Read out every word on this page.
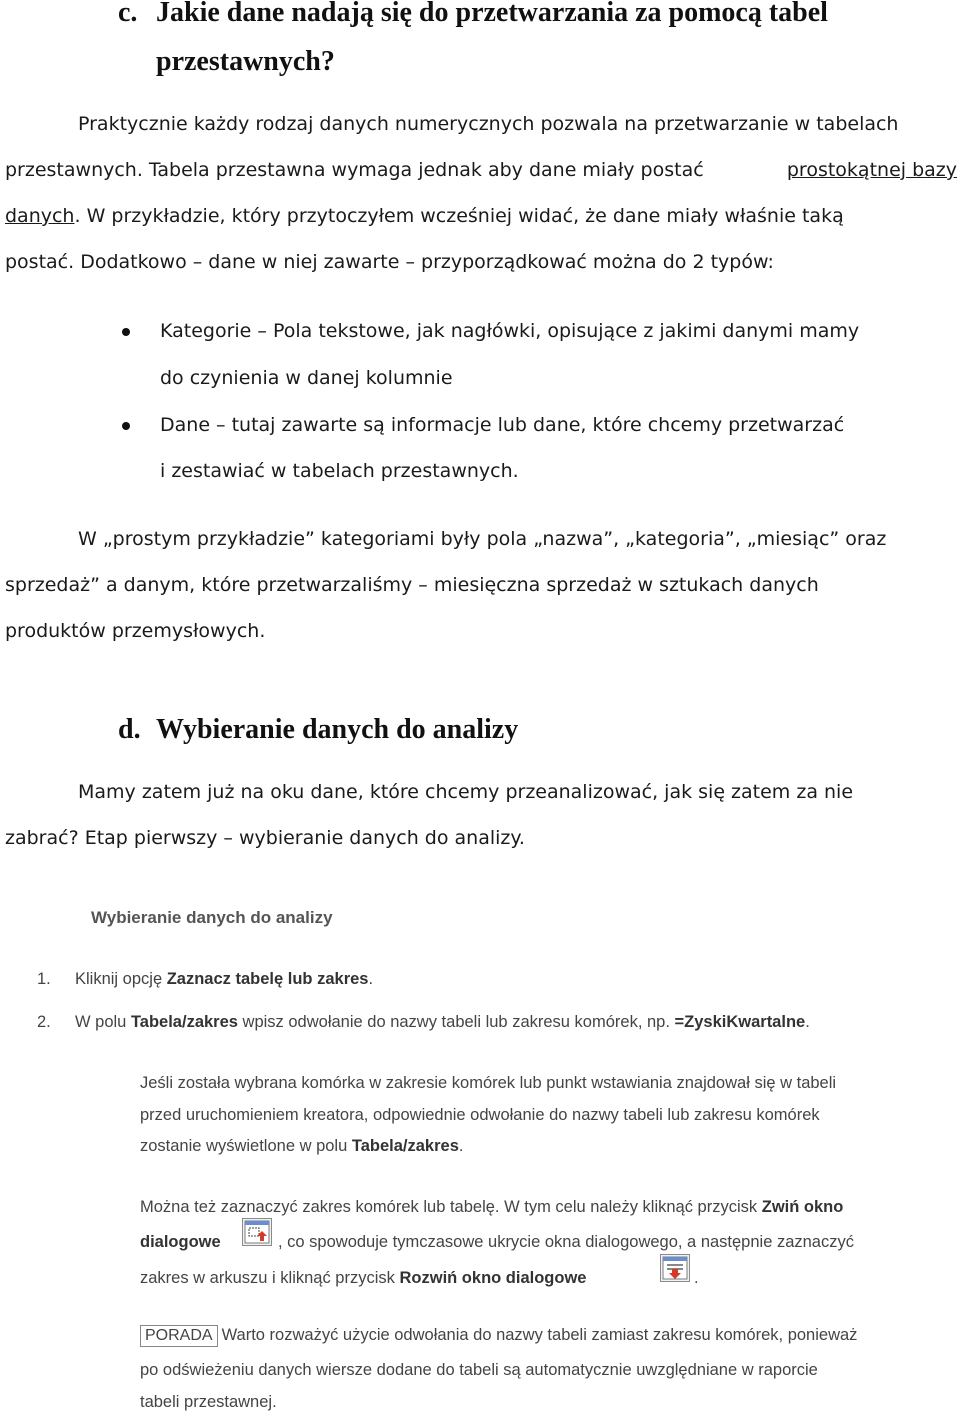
c. Jakie dane nadają się do przetwarzania za pomocą tabel
przestawnych?
Praktycznie każdy rodzaj danych numerycznych pozwala na przetwarzanie w tabelach
przestawnych. Tabela przestawna wymaga jednak aby dane miały postać	prostokątnej bazy
danych. W przykładzie, który przytoczyłem wcześniej widać, że dane miały właśnie taką
postać. Dodatkowo – dane w niej zawarte – przyporządkować można do 2 typów:
Kategorie – Pola tekstowe, jak nagłówki, opisujące z jakimi danymi mamy
do czynienia w danej kolumnie
Dane – tutaj zawarte są informacje lub dane, które chcemy przetwarzać
i zestawiać w tabelach przestawnych.
W „prostym przykładzie” kategoriami były pola „nazwa”, „kategoria”, „miesiąc” oraz
sprzedaż” a danym, które przetwarzaliśmy – miesięczna sprzedaż w sztukach danych
produktów przemysłowych.
d. Wybieranie danych do analizy
Mamy zatem już na oku dane, które chcemy przeanalizować, jak się zatem za nie
zabrać? Etap pierwszy – wybieranie danych do analizy.
Wybieranie danych do analizy
1. Kliknij opcję Zaznacz tabelę lub zakres.
2. W polu Tabela/zakres wpisz odwołanie do nazwy tabeli lub zakresu komórek, np. =ZyskiKwartalne.
Jeśli została wybrana komórka w zakresie komórek lub punkt wstawiania znajdował się w tabeli
przed uruchomieniem kreatora, odpowiednie odwołanie do nazwy tabeli lub zakresu komórek
zostanie wyświetlone w polu Tabela/zakres.
Można też zaznaczyć zakres komórek lub tabelę. W tym celu należy kliknąć przycisk Zwiń okno
dialogowe	, co spowoduje tymczasowe ukrycie okna dialogowego, a następnie zaznaczyć
zakres w arkuszu i kliknąć przycisk Rozwiń okno dialogowe	.
PORADA Warto rozważyć użycie odwołania do nazwy tabeli zamiast zakresu komórek, ponieważ
po odświeżeniu danych wiersze dodane do tabeli są automatycznie uwzględniane w raporcie
tabeli przestawnej.
